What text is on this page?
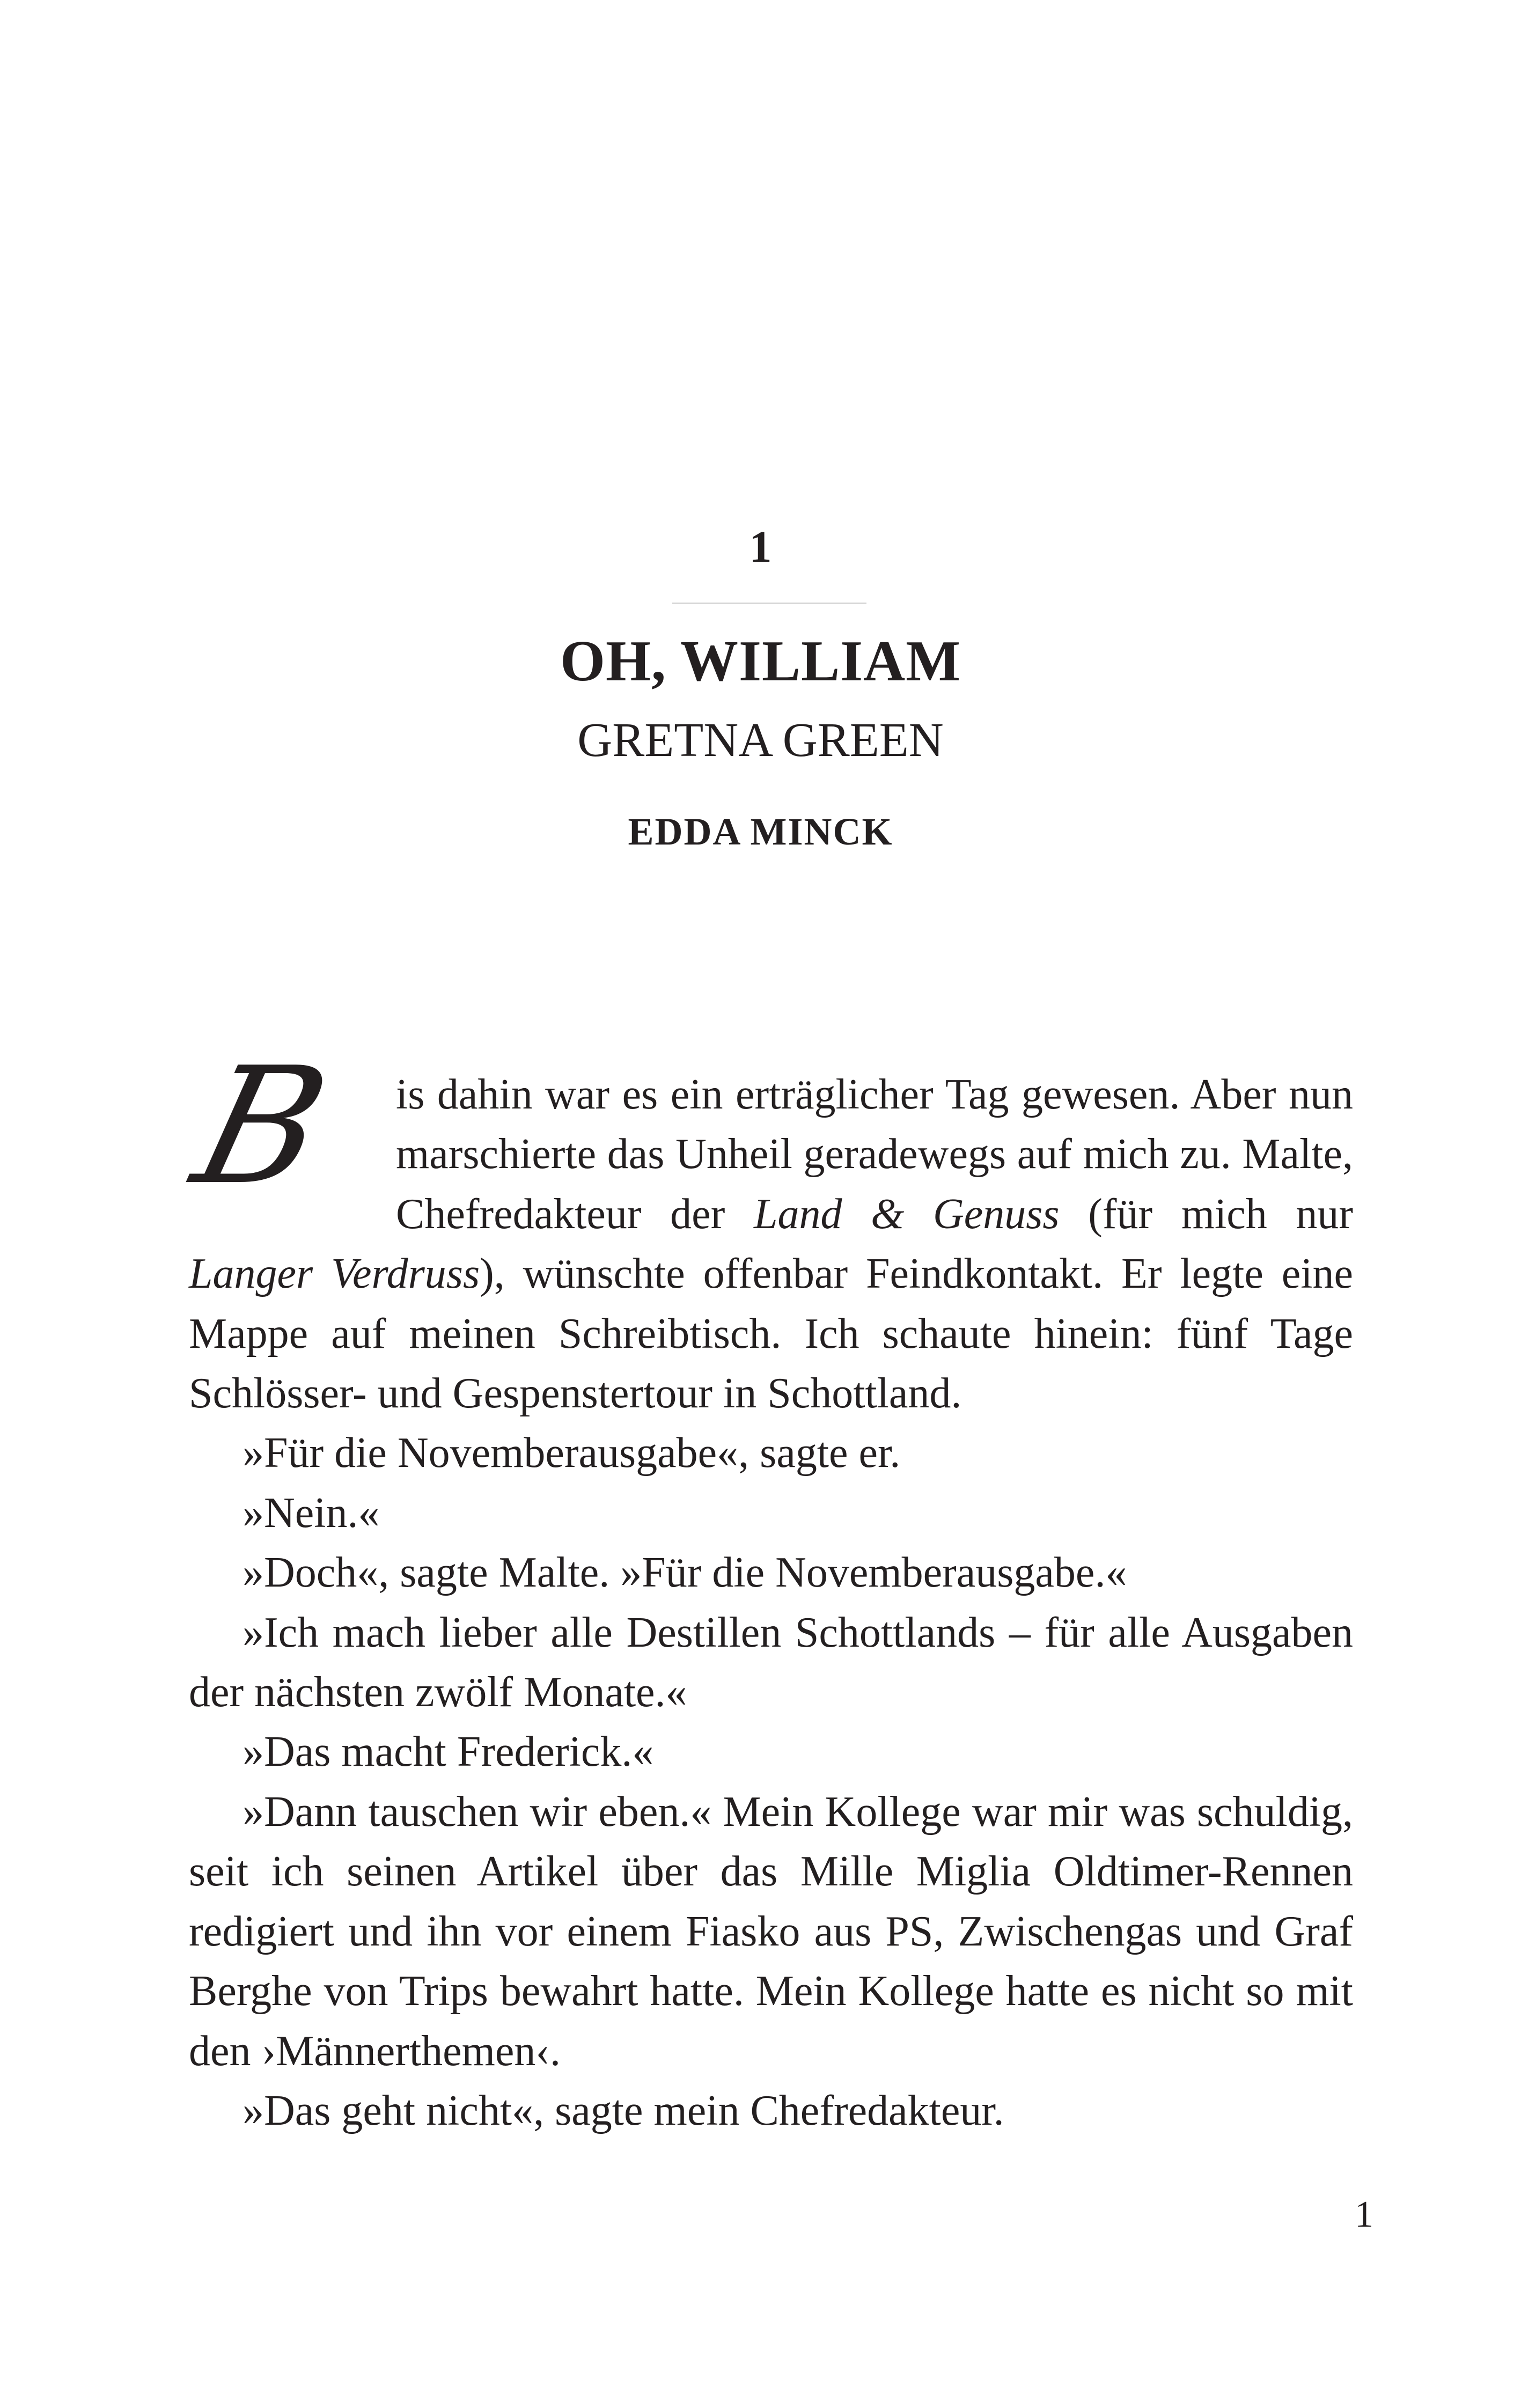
1
OH, WILLIAM
GRETNA GREEN
EDDA MINCK

B	is dahin war es ein erträglicher Tag gewesen. Aber nun marschierte das Unheil geradewegs auf mich zu. Malte, Chefredakteur der Land & Genuss (für mich nur Langer Verdruss), wünschte offenbar Feindkontakt. Er legte eine Mappe auf meinen Schreibtisch. Ich schaute hinein: fünf Tage Schlösser- und Gespenstertour in Schottland.

»Für die Novemberausgabe«, sagte er.

»Nein.«

»Doch«, sagte Malte. »Für die Novemberausgabe.«

»Ich mach lieber alle Destillen Schottlands – für alle Ausgaben der nächsten zwölf Monate.«

»Das macht Frederick.«

»Dann tauschen wir eben.« Mein Kollege war mir was schuldig, seit ich seinen Artikel über das Mille Miglia Oldtimer-Rennen redigiert und ihn vor einem Fiasko aus PS, Zwischengas und Graf Berghe von Trips bewahrt hatte. Mein Kollege hatte es nicht so mit den ›Männerthemen‹.

»Das geht nicht«, sagte mein Chefredakteur.

1
